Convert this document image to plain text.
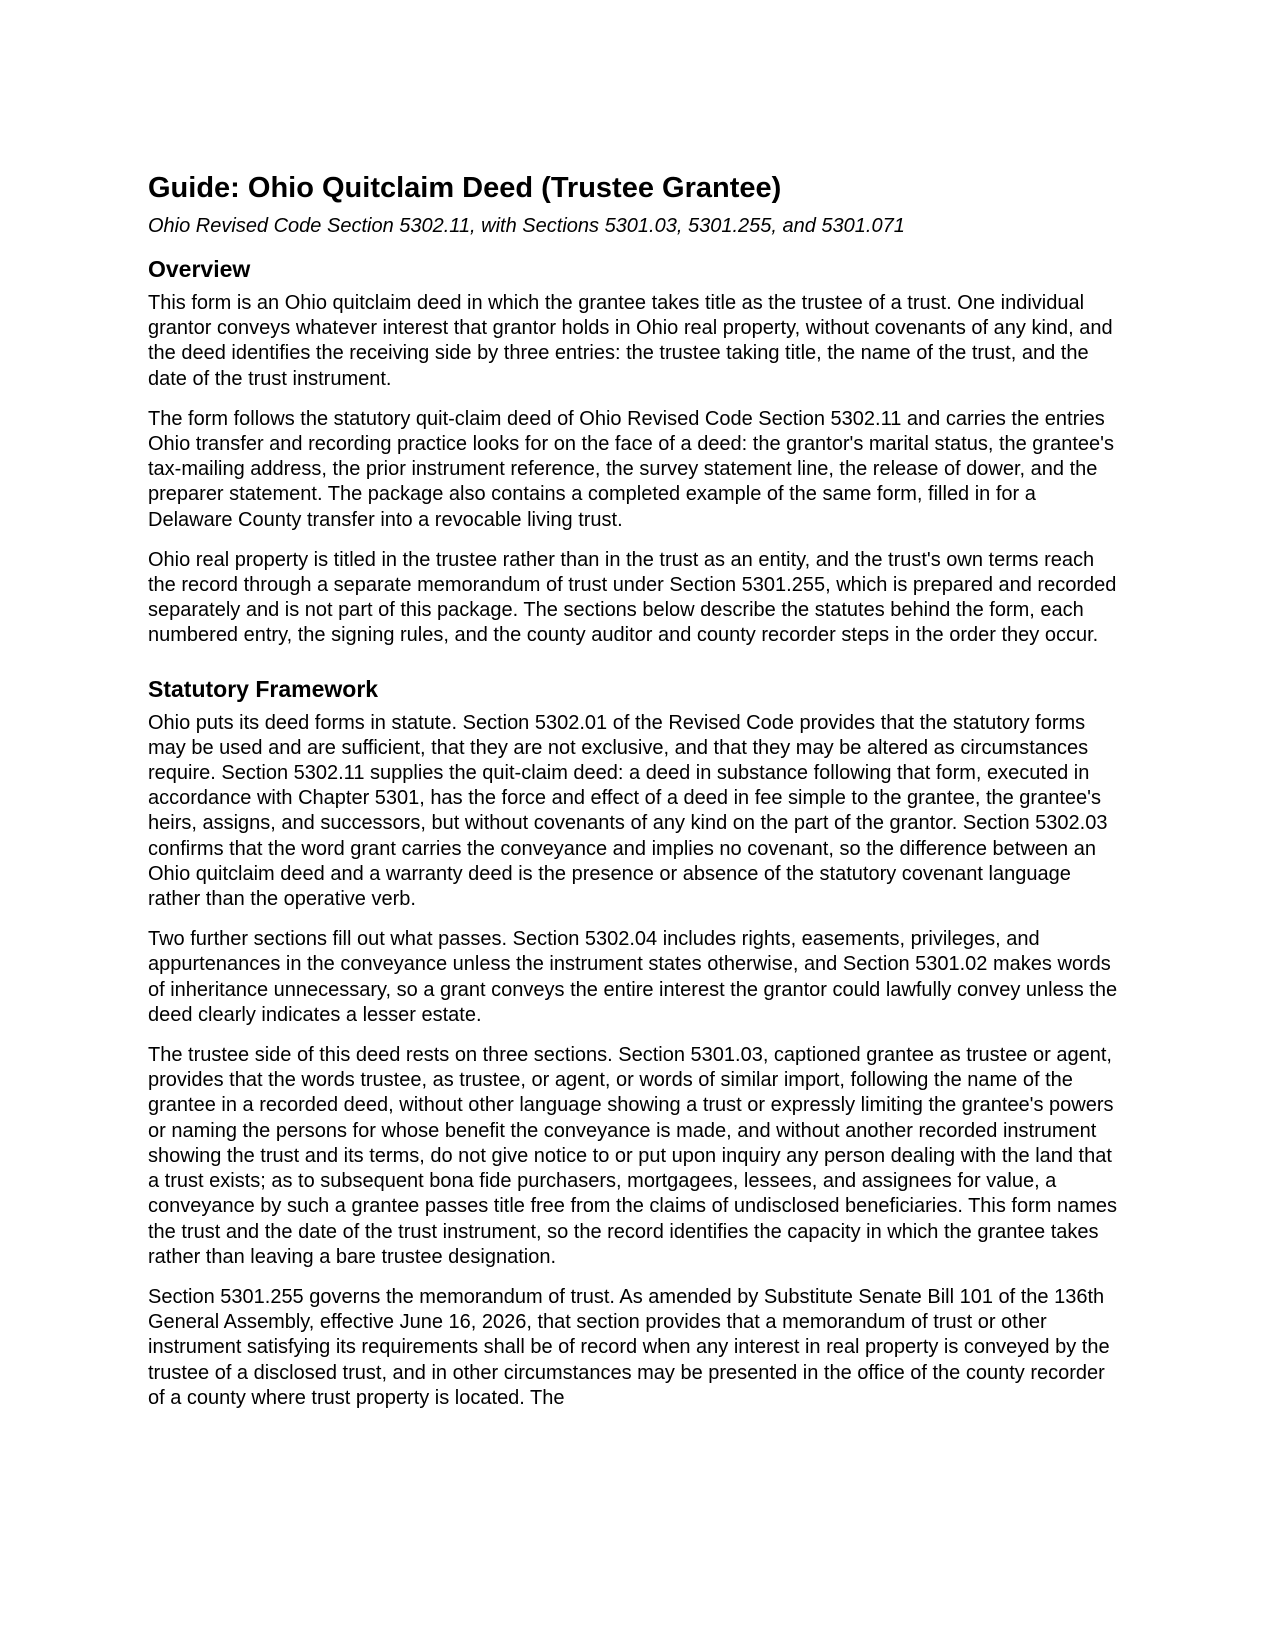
Guide: Ohio Quitclaim Deed (Trustee Grantee)

Ohio Revised Code Section 5302.11, with Sections 5301.03, 5301.255, and 5301.071

Overview

This form is an Ohio quitclaim deed in which the grantee takes title as the trustee of a trust. One individual grantor conveys whatever interest that grantor holds in Ohio real property, without covenants of any kind, and the deed identifies the receiving side by three entries: the trustee taking title, the name of the trust, and the date of the trust instrument.

The form follows the statutory quit-claim deed of Ohio Revised Code Section 5302.11 and carries the entries Ohio transfer and recording practice looks for on the face of a deed: the grantor's marital status, the grantee's tax-mailing address, the prior instrument reference, the survey statement line, the release of dower, and the preparer statement. The package also contains a completed example of the same form, filled in for a Delaware County transfer into a revocable living trust.

Ohio real property is titled in the trustee rather than in the trust as an entity, and the trust's own terms reach the record through a separate memorandum of trust under Section 5301.255, which is prepared and recorded separately and is not part of this package. The sections below describe the statutes behind the form, each numbered entry, the signing rules, and the county auditor and county recorder steps in the order they occur.

Statutory Framework

Ohio puts its deed forms in statute. Section 5302.01 of the Revised Code provides that the statutory forms may be used and are sufficient, that they are not exclusive, and that they may be altered as circumstances require. Section 5302.11 supplies the quit-claim deed: a deed in substance following that form, executed in accordance with Chapter 5301, has the force and effect of a deed in fee simple to the grantee, the grantee's heirs, assigns, and successors, but without covenants of any kind on the part of the grantor. Section 5302.03 confirms that the word grant carries the conveyance and implies no covenant, so the difference between an Ohio quitclaim deed and a warranty deed is the presence or absence of the statutory covenant language rather than the operative verb.

Two further sections fill out what passes. Section 5302.04 includes rights, easements, privileges, and appurtenances in the conveyance unless the instrument states otherwise, and Section 5301.02 makes words of inheritance unnecessary, so a grant conveys the entire interest the grantor could lawfully convey unless the deed clearly indicates a lesser estate.

The trustee side of this deed rests on three sections. Section 5301.03, captioned grantee as trustee or agent, provides that the words trustee, as trustee, or agent, or words of similar import, following the name of the grantee in a recorded deed, without other language showing a trust or expressly limiting the grantee's powers or naming the persons for whose benefit the conveyance is made, and without another recorded instrument showing the trust and its terms, do not give notice to or put upon inquiry any person dealing with the land that a trust exists; as to subsequent bona fide purchasers, mortgagees, lessees, and assignees for value, a conveyance by such a grantee passes title free from the claims of undisclosed beneficiaries. This form names the trust and the date of the trust instrument, so the record identifies the capacity in which the grantee takes rather than leaving a bare trustee designation.

Section 5301.255 governs the memorandum of trust. As amended by Substitute Senate Bill 101 of the 136th General Assembly, effective June 16, 2026, that section provides that a memorandum of trust or other instrument satisfying its requirements shall be of record when any interest in real property is conveyed by the trustee of a disclosed trust, and in other circumstances may be presented in the office of the county recorder of a county where trust property is located. The
